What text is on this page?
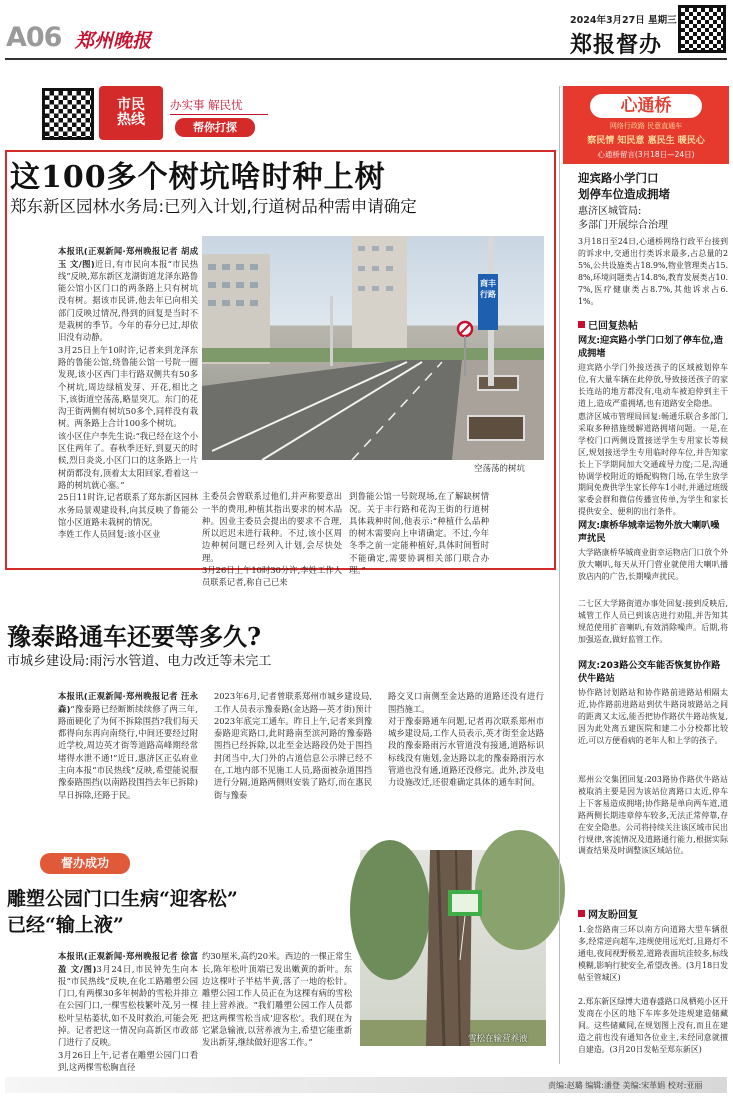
A06 郑州晚报
2024年3月27日 星期三
郑报督办
市民热线
办实事 解民忧
帮你打探
这100多个树坑啥时种上树
郑东新区园林水务局:已列入计划,行道树品种需申请确定

本报讯(正观新闻·郑州晚报记者 胡成玉 文/图)近日,有市民向本报“市民热线”反映,郑东新区龙湖街道龙泽东路鲁能公馆小区门口的两条路上只有树坑没有树。据该市民讲,他去年已向相关部门反映过情况,得到的回复是当时不是栽树的季节。今年的春分已过,却依旧没有动静。
3月25日上午10时许,记者来到龙泽东路的鲁能公馆,绕鲁能公馆一号院一圈发现,该小区西门丰行路双侧共有50多个树坑,周边绿植发芽、开花,相比之下,该街道空荡荡,略显突兀。东门的花沟王街两侧有树坑50多个,同样没有栽树。两条路上合计100多个树坑。
该小区住户李先生说:“我已经在这个小区住两年了。春秋季还好,到夏天的时候,烈日炎炎,小区门口的这条路上一片树荫都没有,顶着太太阳回家,看着这一路的树坑就心塞。”
25日11时许,记者联系了郑东新区园林水务局景观建设科,向其反映了鲁能公馆小区道路未栽树的情况。
李姓工作人员回复:该小区业

商丰行路
空荡荡的树坑

主委员会曾联系过他们,并声称要意出一半的费用,种植其指出要求的树木品种。因业主委员会提出的要求不合理,所以迟迟未进行栽种。不过,该小区周边种树问题已经列入计划,会尽快处理。
3月26日上午10时30分许,李姓工作人员联系记者,称自己已来

到鲁能公馆一号院现场,在了解缺树情况。关于丰行路和花沟王街的行道树具体栽种时间,他表示:“种植什么品种的树木需要向上申请确定。不过,今年冬季之前一定能种植好,具体时间暂时不能确定,需要协调相关部门联合办理。”

豫泰路通车还要等多久?
市城乡建设局:雨污水管道、电力改迁等未完工

本报讯(正观新闻·郑州晚报记者 汪永森)“豫泰路已经断断续续修了两三年,路面硬化了为何不拆除围挡?我们每天都得向东再向南绕行,中间还要经过附近学校,周边英才街等道路高峰期经常堵得水泄不通!”近日,惠济区正弘府业主向本报“市民热线”反映,希望能说服豫泰路围挡(以南路段围挡去年已拆除)早日拆除,还路于民。

2023年6月,记者曾联系郑州市城乡建设局,工作人员表示豫泰路(金达路—英才街)预计2023年底完工通车。昨日上午,记者来到豫泰路迎宾路口,此时路南至滨河路的豫泰路围挡已经拆除,以北至金达路段仍处于围挡封闭当中,大门外的占道信息公示牌已经不在,工地内部不见施工人员,路面被杂道围挡进行分隔,道路两侧则安装了路灯,而在惠民街与豫泰

路交叉口南侧至金达路的道路还没有进行围挡施工。
对于豫泰路通车问题,记者再次联系郑州市城乡建设局,工作人员表示,英才街至金达路段的豫泰路雨污水管道没有接通,道路标识标线没有施划,金达路以北的豫泰路雨污水管道也没有通,道路还没修完。此外,涉及电力设施改迁,还很难确定具体的通车时间。

督办成功
雕塑公园门口生病“迎客松”
已经“输上液”

本报讯(正观新闻·郑州晚报记者 徐富盈 文/图)3月24日,市民钟先生向本报“市民热线”反映,在化工路雕塑公园门口,有两棵30多年树龄的雪松并排立在公园门口,一棵雪松枝繁叶茂,另一棵松叶呈枯萎状,如不及时救治,可能会死掉。记者把这一情况向高新区市政部门进行了反映。
3月26日上午,记者在雕塑公园门口看到,这两棵雪松胸直径

约30厘米,高约20米。西边的一棵正常生长,陈年松叶顶端已发出嫩黄的新叶。东边这棵叶子半枯半黄,落了一地的松针。雕塑公园工作人员正在为这棵有病的雪松挂上营养液。“我们雕塑公园工作人员都把这两棵雪松当成‘迎客松’。我们现在为它紧急输液,以营养液为主,希望它能重新发出新芽,继续做好迎客工作。”	雪松在输营养液
心通桥
网络行政路 民意直通车
察民情 知民意 惠民生 暖民心
心通桥留言(3月18日—24日)
迎宾路小学门口
划停车位造成拥堵
惠济区城管局:
多部门开展综合治理
3月18日至24日,心通桥网络行政平台接到的诉求中,交通出行类诉求最多,占总量的25%,公共设施类占18.9%,物业管理类占15.8%,环境问题类占14.8%,教育发展类占10.7%,医疗健康类占8.7%,其他诉求占6.1%。
已回复热帖
网友:迎宾路小学门口划了停车位,造成拥堵
迎宾路小学门外接送孩子的区域被划停车位,有大量车辆在此停放,导致接送孩子的家长连站的地方都没有,电动车被迫停到主干道上,造成严重拥堵,也有道路安全隐患。
惠济区城市管理局回复:畅通乐联合多部门,采取多种措施缓解道路拥堵问题。一是,在学校门口两侧设置接送学生专用家长等候区,规划接送学生专用临时停车位,并告知家长上下学期间加大交通疏导力度;二是,沟通协调学校附近的婚配购物门场,在学生放学期间免费供学生家长停车1小时,并通过班级家委会群和微信传播宣传单,为学生和家长提供安全、便利的出行条件。
网友:康桥华城幸运物外放大喇叭噪声扰民
大学路康桥华城商业街幸运物店门口放个外放大喇叭,每天从开门营业就使用大喇叭播放店内的广告,长期噪声扰民。
二七区大学路街道办事处回复:接到反映后,城管工作人员已到该店进行劝阻,并告知其规范使用扩音喇叭,有效消除噪声。后期,将加强巡查,做好监管工作。
网友:203路公交车能否恢复协作路伏牛路站
协作路讨划路站和协作路前进路站相隔太近,协作路前进路站到伏牛路岗坡路站之间的距离又太远,能否把协作路伏牛路站恢复,因为此处离五建医院和建二小分校都比较近,可以方便看病的老年人和上学的孩子。
郑州公交集团回复:203路协作路伏牛路站被取消主要是因为该站位离路口太近,停车上下客易造成拥堵;协作路是单向两车道,道路两侧长期违章停车较多,无法正常停靠,存在安全隐患。公司将持续关注该区域市民出行规律,客流情况及道路通行能力,根据实际调查结果及时调整该区域站位。
网友盼回复
1.金岱路南三环以南方向道路大型车辆很多,经常逆向超车,违规使用远光灯,且路灯不通电,夜间视野极差,道路表面坑洼较多,标线模糊,影响行驶安全,希望改善。(3月18日发帖至管城区)
2.郑东新区绿博大道春盛路口凤栖苑小区开发商在小区的地下车库多处违规建造储藏间。这些储藏间,在规划图上没有,而且在建造之前也没有通知各位业主,未经同意就擅自建造。(3月20日发帖至郑东新区)
责编:赵璐 编辑:潘登 美编:宋革娟 校对:亚丽
